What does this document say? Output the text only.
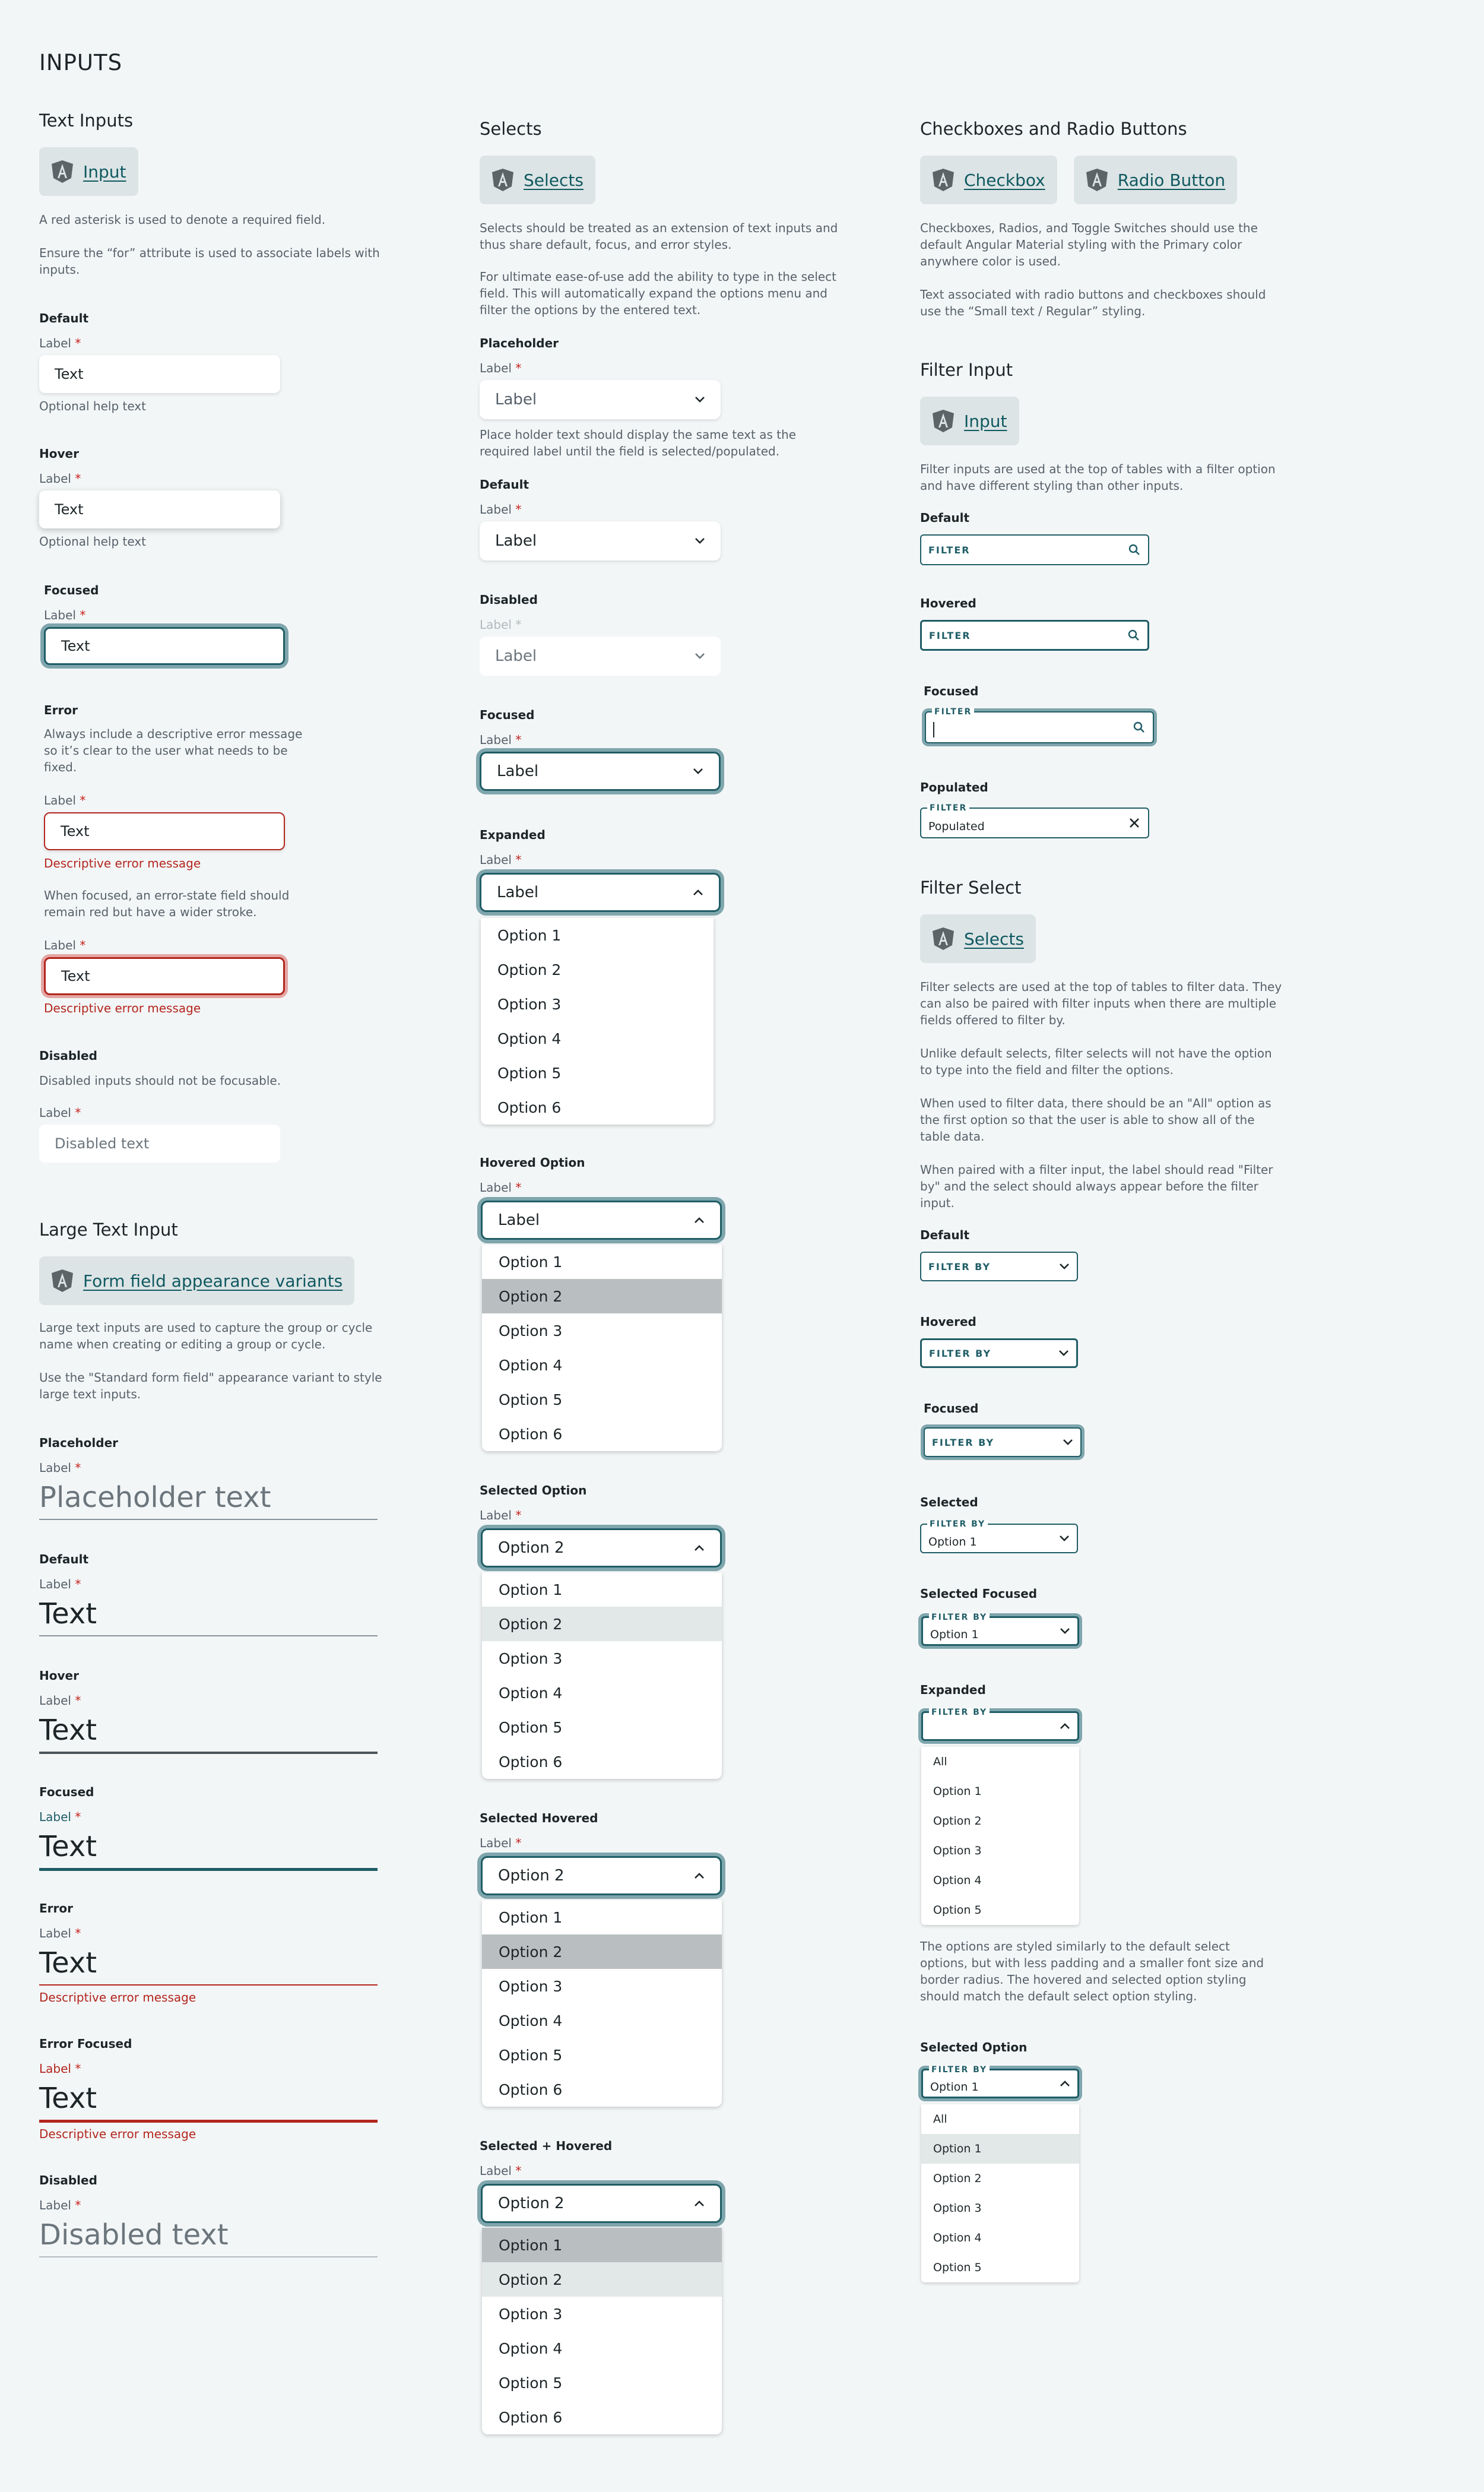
INPUTS
Text Inputs
Input
A red asterisk is used to denote a required field.
Ensure the “for” attribute is used to associate labels with
inputs.
Default
Label *
Text
Optional help text
Hover
Label *
Text
Optional help text
Focused
Label *
Text
Error
Always include a descriptive error message
so it’s clear to the user what needs to be
fixed.
Label *
Text
Descriptive error message
When focused, an error-state field should
remain red but have a wider stroke.
Label *
Text
Descriptive error message
Disabled
Disabled inputs should not be focusable.
Label *
Disabled text
Large Text Input
Form field appearance variants
Large text inputs are used to capture the group or cycle
name when creating or editing a group or cycle.
Use the "Standard form field" appearance variant to style
large text inputs.
Placeholder
Label *
Placeholder text
Default
Label *
Text
Hover
Label *
Text
Focused
Label *
Text
Error
Label *
Text
Descriptive error message
Error Focused
Label *
Text
Descriptive error message
Disabled
Label *
Disabled text
Selects
Selects
Selects should be treated as an extension of text inputs and
thus share default, focus, and error styles.
For ultimate ease-of-use add the ability to type in the select
field. This will automatically expand the options menu and
filter the options by the entered text.
Placeholder
Label *
Label
Place holder text should display the same text as the
required label until the field is selected/populated.
Default
Label *
Label
Disabled
Label *
Label
Focused
Label *
Label
Expanded
Label *
Label
Option 1
Option 2
Option 3
Option 4
Option 5
Option 6
Hovered Option
Label *
Label
Option 1
Option 2
Option 3
Option 4
Option 5
Option 6
Selected Option
Label *
Option 2
Option 1
Option 2
Option 3
Option 4
Option 5
Option 6
Selected Hovered
Label *
Option 2
Option 1
Option 2
Option 3
Option 4
Option 5
Option 6
Selected + Hovered
Label *
Option 2
Option 1
Option 2
Option 3
Option 4
Option 5
Option 6
Checkboxes and Radio Buttons
Checkbox	Radio Button
Checkboxes, Radios, and Toggle Switches should use the
default Angular Material styling with the Primary color
anywhere color is used.
Text associated with radio buttons and checkboxes should
use the “Small text / Regular” styling.
Filter Input
Input
Filter inputs are used at the top of tables with a filter option
and have different styling than other inputs.
Default
FILTER
Hovered
FILTER
Focused
FILTER
Populated
FILTER
Populated
Filter Select
Selects
Filter selects are used at the top of tables to filter data. They
can also be paired with filter inputs when there are multiple
fields offered to filter by.
Unlike default selects, filter selects will not have the option
to type into the field and filter the options.
When used to filter data, there should be an "All" option as
the first option so that the user is able to show all of the
table data.
When paired with a filter input, the label should read "Filter
by" and the select should always appear before the filter
input.
Default
FILTER BY
Hovered
FILTER BY
Focused
FILTER BY
Selected
FILTER BY
Option 1
Selected Focused
FILTER BY
Option 1
Expanded
FILTER BY
All
Option 1
Option 2
Option 3
Option 4
Option 5
The options are styled similarly to the default select
options, but with less padding and a smaller font size and
border radius. The hovered and selected option styling
should match the default select option styling.
Selected Option
FILTER BY
Option 1
All
Option 1
Option 2
Option 3
Option 4
Option 5
